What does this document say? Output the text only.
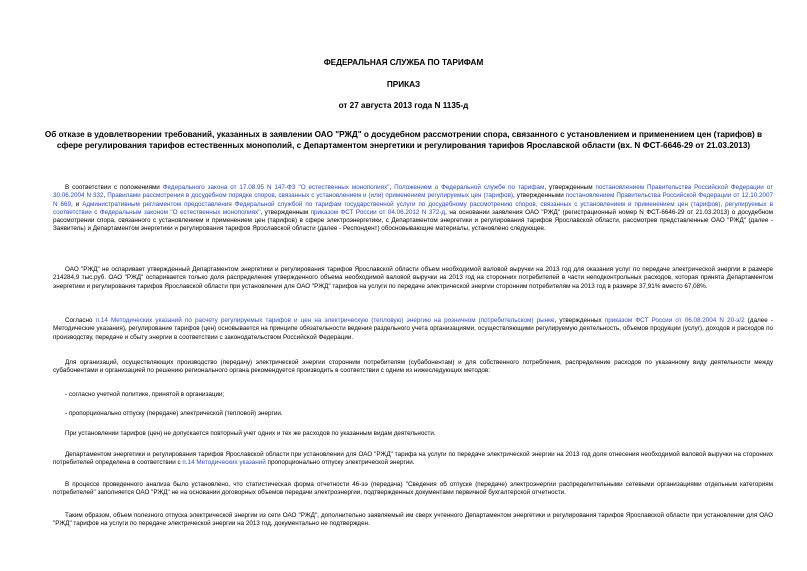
ФЕДЕРАЛЬНАЯ СЛУЖБА ПО ТАРИФАМ
ПРИКАЗ
от 27 августа 2013 года N 1135-д
Об отказе в удовлетворении требований, указанных в заявлении ОАО "РЖД" о досудебном рассмотрении спора, связанного с установлением и применением цен (тарифов) в сфере регулирования тарифов естественных монополий, с Департаментом энергетики и регулирования тарифов Ярославской области (вх. N ФСТ-6646-29 от 21.03.2013)
В соответствии с положениями Федерального закона от 17.08.95 N 147-ФЗ "О естественных монополиях", Положением о Федеральной службе по тарифам, утвержденным постановлением Правительства Российской Федерации от 30.06.2004 N 332, Правилами рассмотрения в досудебном порядке споров, связанных с установлением и (или) применением регулируемых цен (тарифов), утвержденными постановлением Правительства Российской Федерации от 12.10.2007 N 669, и Административным регламентом предоставления Федеральной службой по тарифам государственной услуги по досудебному рассмотрению споров, связанных с установлением и применением цен (тарифов), регулируемых в соответствии с Федеральным законом "О естественных монополиях", утвержденным приказом ФСТ России от 04.06.2012 N 372-д, на основании заявления ОАО "РЖД" (регистрационный номер N ФСТ-6646-29 от 21.03.2013) о досудебном рассмотрении спора, связанного с установлением и применением цен (тарифов) в сфере электроэнергетики, с Департаментом энергетики и регулирования тарифов Ярославской области, рассмотрев представленные ОАО "РЖД" (далее - Заявитель) и Департаментом энергетики и регулирования тарифов Ярославской области (далее - Респондент) обосновывающие материалы, установлено следующее.
ОАО "РЖД" не оспаривает утвержденный Департаментом энергетики и регулирования тарифов Ярославской области объем необходимой валовой выручки на 2013 год для оказания услуг по передаче электрической энергии в размере 214284,9 тыс.руб. ОАО "РЖД" оспаривается только доля распределения утвержденного объема необходимой валовой выручки на 2013 год на сторонних потребителей в части неподконтрольных расходов, которая принята Департаментом энергетики и регулирования тарифов Ярославской области при установлении для ОАО "РЖД" тарифов на услуги по передаче электрической энергии сторонним потребителям на 2013 год в размере 37,91% вместо 67,08%.
Согласно п.14 Методических указаний по расчету регулируемых тарифов и цен на электрическую (тепловую) энергию на розничном (потребительском) рынке, утвержденных приказом ФСТ России от 06.08.2004 N 20-э/2 (далее - Методические указания), регулирование тарифов (цен) основывается на принципе обязательности ведения раздельного учета организациями, осуществляющими регулируемую деятельность, объемов продукции (услуг), доходов и расходов по производству, передаче и сбыту энергии в соответствии с законодательством Российской Федерации.
Для организаций, осуществляющих производство (передачу) электрической энергии сторонним потребителям (субабонентам) и для собственного потребления, распределение расходов по указанному виду деятельности между субабонентами и организацией по решению регионального органа рекомендуется производить в соответствии с одним из нижеследующих методов:
- согласно учетной политике, принятой в организации;
- пропорционально отпуску (передаче) электрической (тепловой) энергии.
При установлении тарифов (цен) не допускается повторный учет одних и тех же расходов по указанным видам деятельности.
Департаментом энергетики и регулирования тарифов Ярославской области при установлении для ОАО "РЖД" тарифа на услуги по передаче электрической энергии на 2013 год доля отнесения необходимой валовой выручки на сторонних потребителей определена в соответствии с п.14 Методических указаний пропорционально отпуску электрической энергии.
В процессе проведенного анализа было установлено, что статистическая форма отчетности 46-ээ (передача) "Сведения об отпуске (передаче) электроэнергии распределительными сетевыми организациями отдельным категориям потребителей" заполняется ОАО "РЖД" не на основании договорных объемов передачи электроэнергии, подтвержденных документами первичной бухгалтерской отчетности.
Таким образом, объем полезного отпуска электрической энергии из сети ОАО "РЖД", дополнительно заявляемый им сверх учтенного Департаментом энергетики и регулирования тарифов Ярославской области при установлении для ОАО "РЖД" тарифов на услуги по передаче электрической энергии на 2013 год, документально не подтвержден.
